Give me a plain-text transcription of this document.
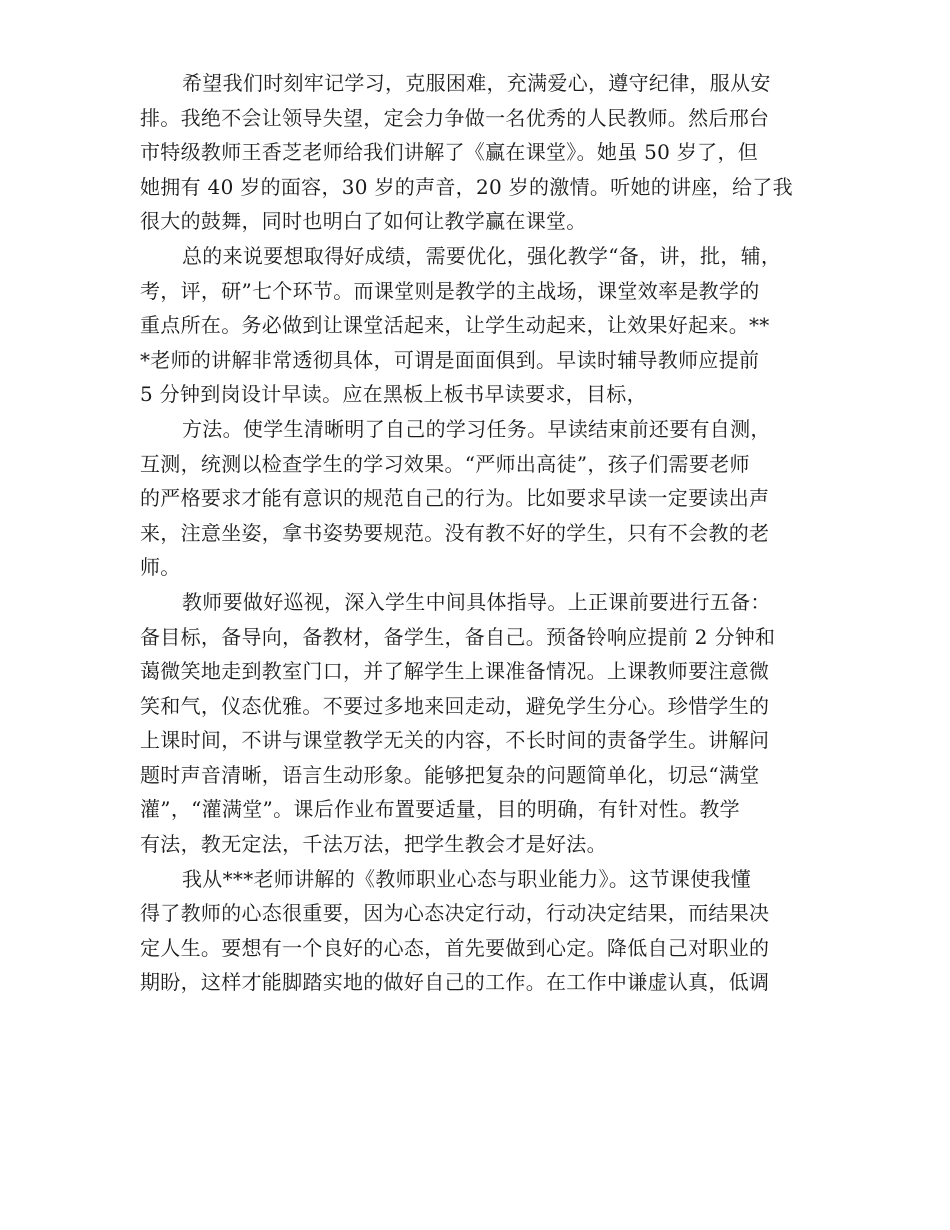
希望我们时刻牢记学习，克服困难，充满爱心，遵守纪律，服从安
排。我绝不会让领导失望，定会力争做一名优秀的人民教师。然后邢台
市特级教师王香芝老师给我们讲解了《赢在课堂》。她虽 50 岁了，但
她拥有 40 岁的面容，30 岁的声音，20 岁的激情。听她的讲座，给了我
很大的鼓舞，同时也明白了如何让教学赢在课堂。
总的来说要想取得好成绩，需要优化，强化教学“备，讲，批，辅，
考，评，研”七个环节。而课堂则是教学的主战场，课堂效率是教学的
重点所在。务必做到让课堂活起来，让学生动起来，让效果好起来。**
*老师的讲解非常透彻具体，可谓是面面俱到。早读时辅导教师应提前
5 分钟到岗设计早读。应在黑板上板书早读要求，目标，
方法。使学生清晰明了自己的学习任务。早读结束前还要有自测，
互测，统测以检查学生的学习效果。“严师出高徒”，孩子们需要老师
的严格要求才能有意识的规范自己的行为。比如要求早读一定要读出声
来，注意坐姿，拿书姿势要规范。没有教不好的学生，只有不会教的老
师。
教师要做好巡视，深入学生中间具体指导。上正课前要进行五备：
备目标，备导向，备教材，备学生，备自己。预备铃响应提前 2 分钟和
蔼微笑地走到教室门口，并了解学生上课准备情况。上课教师要注意微
笑和气，仪态优雅。不要过多地来回走动，避免学生分心。珍惜学生的
上课时间，不讲与课堂教学无关的内容，不长时间的责备学生。讲解问
题时声音清晰，语言生动形象。能够把复杂的问题简单化，切忌“满堂
灌”，“灌满堂”。课后作业布置要适量，目的明确，有针对性。教学
有法，教无定法，千法万法，把学生教会才是好法。
我从***老师讲解的《教师职业心态与职业能力》。这节课使我懂
得了教师的心态很重要，因为心态决定行动，行动决定结果，而结果决
定人生。要想有一个良好的心态，首先要做到心定。降低自己对职业的
期盼，这样才能脚踏实地的做好自己的工作。在工作中谦虚认真，低调
